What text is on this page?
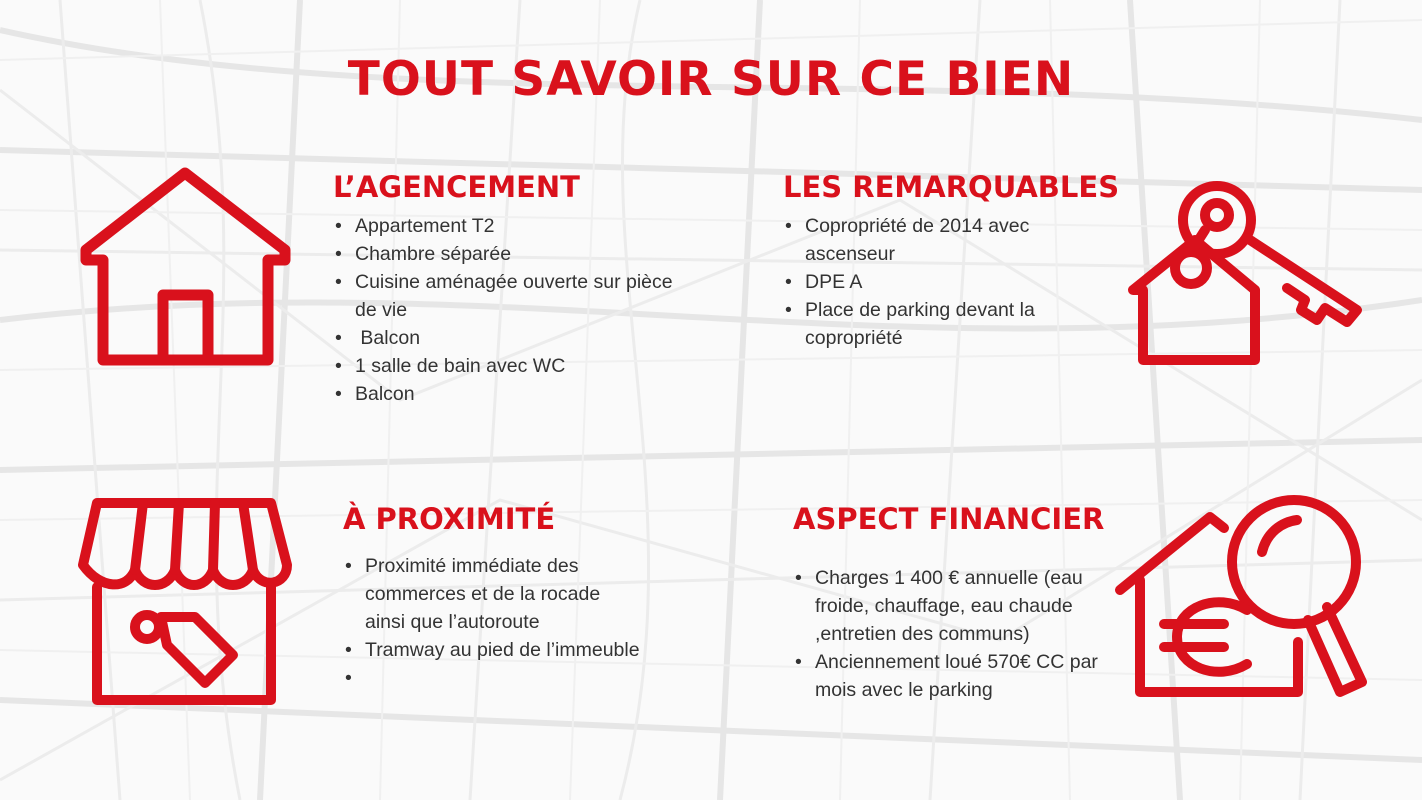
TOUT SAVOIR SUR CE BIEN
L’AGENCEMENT
• Appartement T2
• Chambre séparée
• Cuisine aménagée ouverte sur pièce de vie
•  Balcon
• 1 salle de bain avec WC
• Balcon
LES REMARQUABLES
• Copropriété de 2014 avec ascenseur
• DPE A
• Place de parking devant la copropriété
À PROXIMITÉ
• Proximité immédiate des commerces et de la rocade ainsi que l’autoroute
• Tramway au pied de l’immeuble
•
ASPECT FINANCIER
• Charges 1 400 € annuelle (eau froide, chauffage, eau chaude ,entretien des communs)
• Anciennement loué 570€ CC par mois avec le parking
